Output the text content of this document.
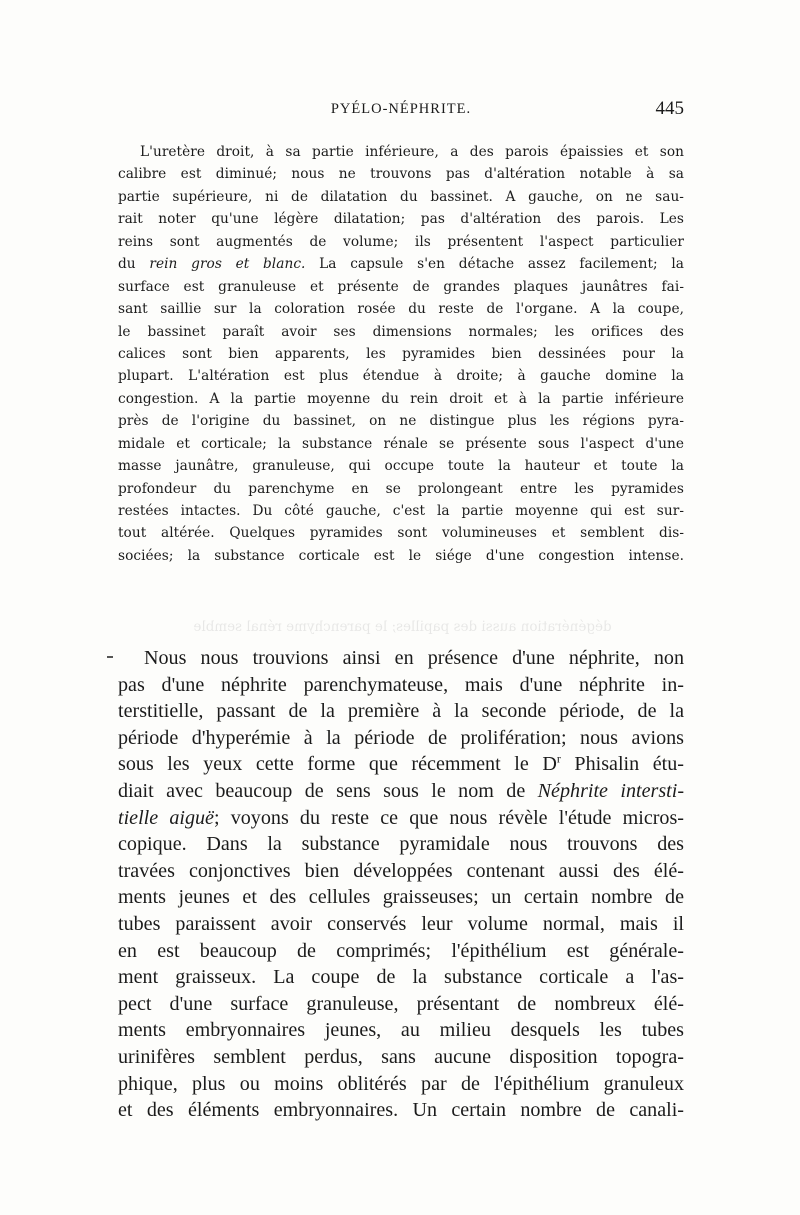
PYÉLO-NÉPHRITE.	445
L'uretère droit, à sa partie inférieure, a des parois épaissies et son
calibre est diminué; nous ne trouvons pas d'altération notable à sa
partie supérieure, ni de dilatation du bassinet. A gauche, on ne sau-
rait noter qu'une légère dilatation; pas d'altération des parois. Les
reins sont augmentés de volume; ils présentent l'aspect particulier
du rein gros et blanc. La capsule s'en détache assez facilement; la
surface est granuleuse et présente de grandes plaques jaunâtres fai-
sant saillie sur la coloration rosée du reste de l'organe. A la coupe,
le bassinet paraît avoir ses dimensions normales; les orifices des
calices sont bien apparents, les pyramides bien dessinées pour la
plupart. L'altération est plus étendue à droite; à gauche domine la
congestion. A la partie moyenne du rein droit et à la partie inférieure
près de l'origine du bassinet, on ne distingue plus les régions pyra-
midale et corticale; la substance rénale se présente sous l'aspect d'une
masse jaunâtre, granuleuse, qui occupe toute la hauteur et toute la
profondeur du parenchyme en se prolongeant entre les pyramides
restées intactes. Du côté gauche, c'est la partie moyenne qui est sur-
tout altérée. Quelques pyramides sont volumineuses et semblent dis-
sociées; la substance corticale est le siége d'une congestion intense.
dégénération aussi des papilles; le parenchyme rénal semble
Nous nous trouvions ainsi en présence d'une néphrite, non
pas d'une néphrite parenchymateuse, mais d'une néphrite in-
terstitielle, passant de la première à la seconde période, de la
période d'hyperémie à la période de prolifération; nous avions
sous les yeux cette forme que récemment le $D^r$ Phisalin étu-
diait avec beaucoup de sens sous le nom de Néphrite intersti-
tielle aiguë; voyons du reste ce que nous révèle l'étude micros-
copique. Dans la substance pyramidale nous trouvons des
travées conjonctives bien développées contenant aussi des élé-
ments jeunes et des cellules graisseuses; un certain nombre de
tubes paraissent avoir conservés leur volume normal, mais il
en est beaucoup de comprimés; l'épithélium est générale-
ment graisseux. La coupe de la substance corticale a l'as-
pect d'une surface granuleuse, présentant de nombreux élé-
ments embryonnaires jeunes, au milieu desquels les tubes
urinifères semblent perdus, sans aucune disposition topogra-
phique, plus ou moins oblitérés par de l'épithélium granuleux
et des éléments embryonnaires. Un certain nombre de canali-
